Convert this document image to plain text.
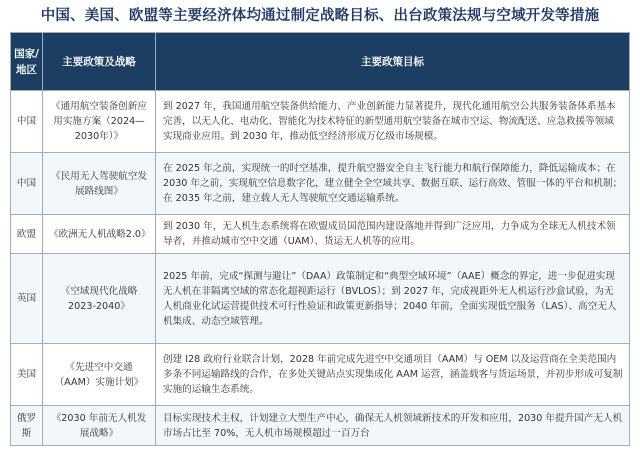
中国、美国、欧盟等主要经济体均通过制定战略目标、出台政策法规与空域开发等措施
国家/地区	主要政策及战略	主要政策目标
中国	《通用航空装备创新应用实施方案（2024—2030年）》	到 2027 年，我国通用航空装备供给能力、产业创新能力显著提升，现代化通用航空公共服务装备体系基本完善，以无人化、电动化、智能化为技术特征的新型通用航空装备在城市空运、物流配送、应急救援等领域实现商业应用。到 2030 年，推动低空经济形成万亿级市场规模。
中国	《民用无人驾驶航空发展路线图》	在 2025 年之前，实现统一的时空基准，提升航空器安全自主飞行能力和航行保障能力，降低运输成本；在 2030 年之前，实现航空信息数字化，建立健全全空域共享、数据互联、运行高效、管服一体的平台和机制；在 2035 年之前，建立载人无人驾驶航空交通运输系统。
欧盟	《欧洲无人机战略2.0》	到 2030 年，无人机生态系统将在欧盟成员国范围内建设落地并得到广泛应用，力争成为全球无人机技术领导者，并推动城市空中交通（UAM）、货运无人机等的应用。
英国	《空域现代化战略2023-2040》	2025 年前，完成“探测与避让”（DAA）政策制定和“典型空域环境”（AAE）概念的界定，进一步促进实现无人机在非隔离空域的常态化超视距运行（BVLOS）；到 2027 年，完成视距外无人机运行沙盒试验，为无人机商业化试运营提供技术可行性验证和政策更新指导；2040 年前，全面实现低空服务（LAS）、高空无人机集成、动态空域管理。
美国	《先进空中交通（AAM）实施计划》	创建 I28 政府行业联合计划，2028 年前完成先进空中交通项目（AAM）与 OEM 以及运营商在全美范围内多条不同运输路线的合作，在多处关键站点实现集成化 AAM 运营，涵盖载客与货运场景，并初步形成可复制实施的运输生态系统。
俄罗斯	《2030 年前无人机发展战略》	目标实现技术主权，计划建立大型生产中心，确保无人机领域新技术的开发和应用，2030 年提升国产无人机市场占比至 70%，无人机市场规模超过一百万台
